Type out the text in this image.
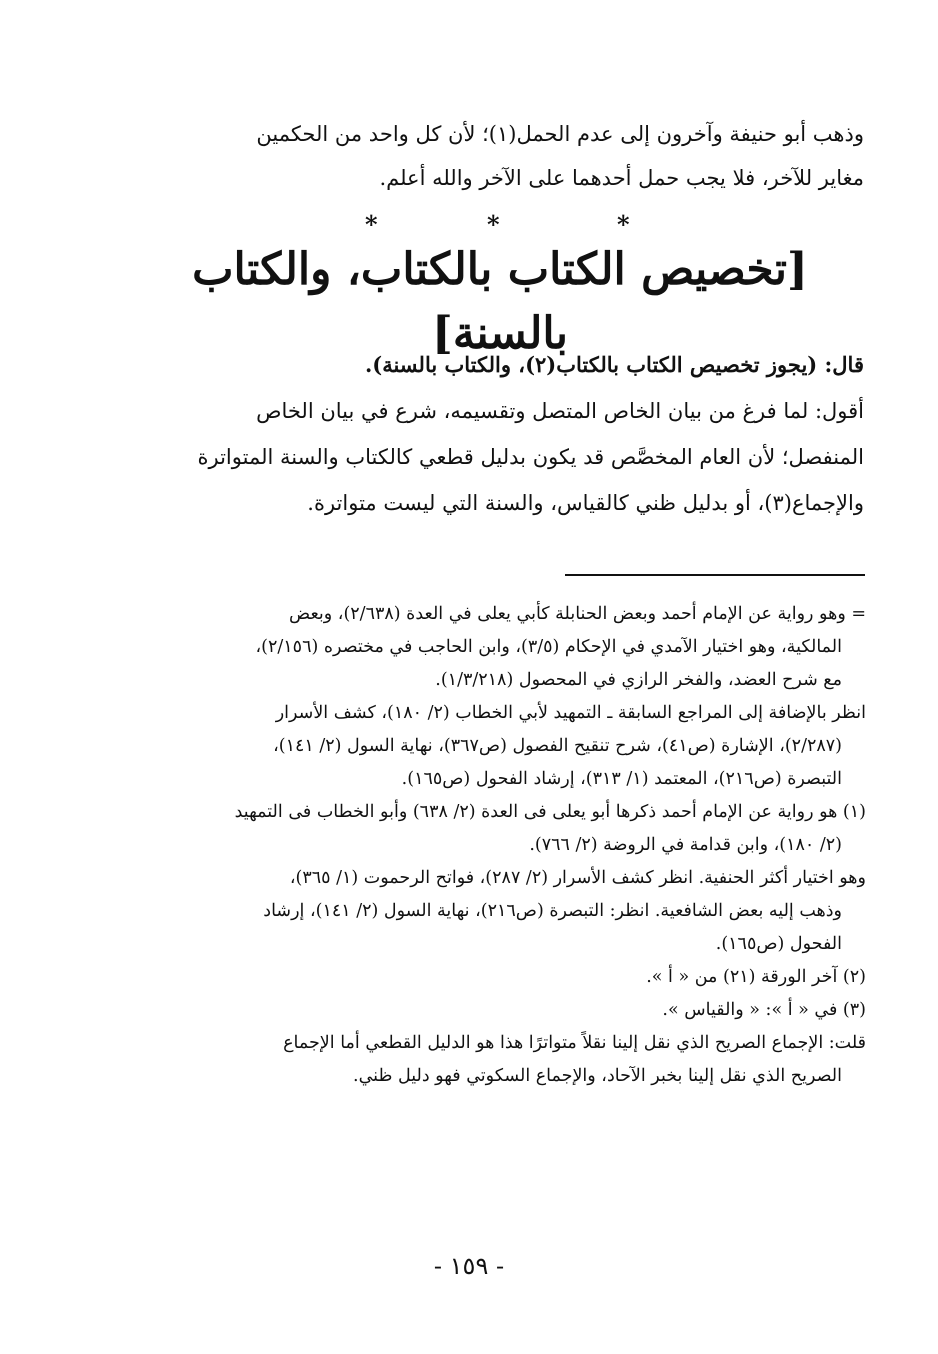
وذهب أبو حنيفة وآخرون إلى عدم الحمل(١)؛ لأن كل واحد من الحكمين

مغاير للآخر، فلا يجب حمل أحدهما على الآخر والله أعلم.

*	*	*
[تخصيص الكتاب بالكتاب، والكتاب بالسنة]

قال: (يجوز تخصيص الكتاب بالكتاب(٢)، والكتاب بالسنة).

أقول: لما فرغ من بيان الخاص المتصل وتقسيمه، شرع في بيان الخاص

المنفصل؛ لأن العام المخصَّص قد يكون بدليل قطعي كالكتاب والسنة المتواترة

والإجماع(٣)، أو بدليل ظني كالقياس، والسنة التي ليست متواترة.

= وهو رواية عن الإمام أحمد وبعض الحنابلة كأبي يعلى في العدة (٢/٦٣٨)، وبعض
المالكية، وهو اختيار الآمدي في الإحكام (٣/٥)، وابن الحاجب في مختصره (٢/١٥٦)،
مع شرح العضد، والفخر الرازي في المحصول (١/٣/٢١٨).
انظر بالإضافة إلى المراجع السابقة ـ التمهيد لأبي الخطاب (٢/ ١٨٠)، كشف الأسرار
(٢/٢٨٧)، الإشارة (ص٤١)، شرح تنقيح الفصول (ص٣٦٧)، نهاية السول (٢/ ١٤١)،
التبصرة (ص٢١٦)، المعتمد (١/ ٣١٣)، إرشاد الفحول (ص١٦٥).
(١) هو رواية عن الإمام أحمد ذكرها أبو يعلى فى العدة (٢/ ٦٣٨) وأبو الخطاب فى التمهيد
(٢/ ١٨٠)، وابن قدامة في الروضة (٢/ ٧٦٦).
وهو اختيار أكثر الحنفية. انظر كشف الأسرار (٢/ ٢٨٧)، فواتح الرحموت (١/ ٣٦٥)،
وذهب إليه بعض الشافعية. انظر: التبصرة (ص٢١٦)، نهاية السول (٢/ ١٤١)، إرشاد
الفحول (ص١٦٥).
(٢) آخر الورقة (٢١) من « أ ».
(٣) في « أ »: « والقياس ».
قلت: الإجماع الصريح الذي نقل إلينا نقلاً متواترًا هذا هو الدليل القطعي أما الإجماع
الصريح الذي نقل إلينا بخبر الآحاد، والإجماع السكوتي فهو دليل ظني.
- ١٥٩ -
